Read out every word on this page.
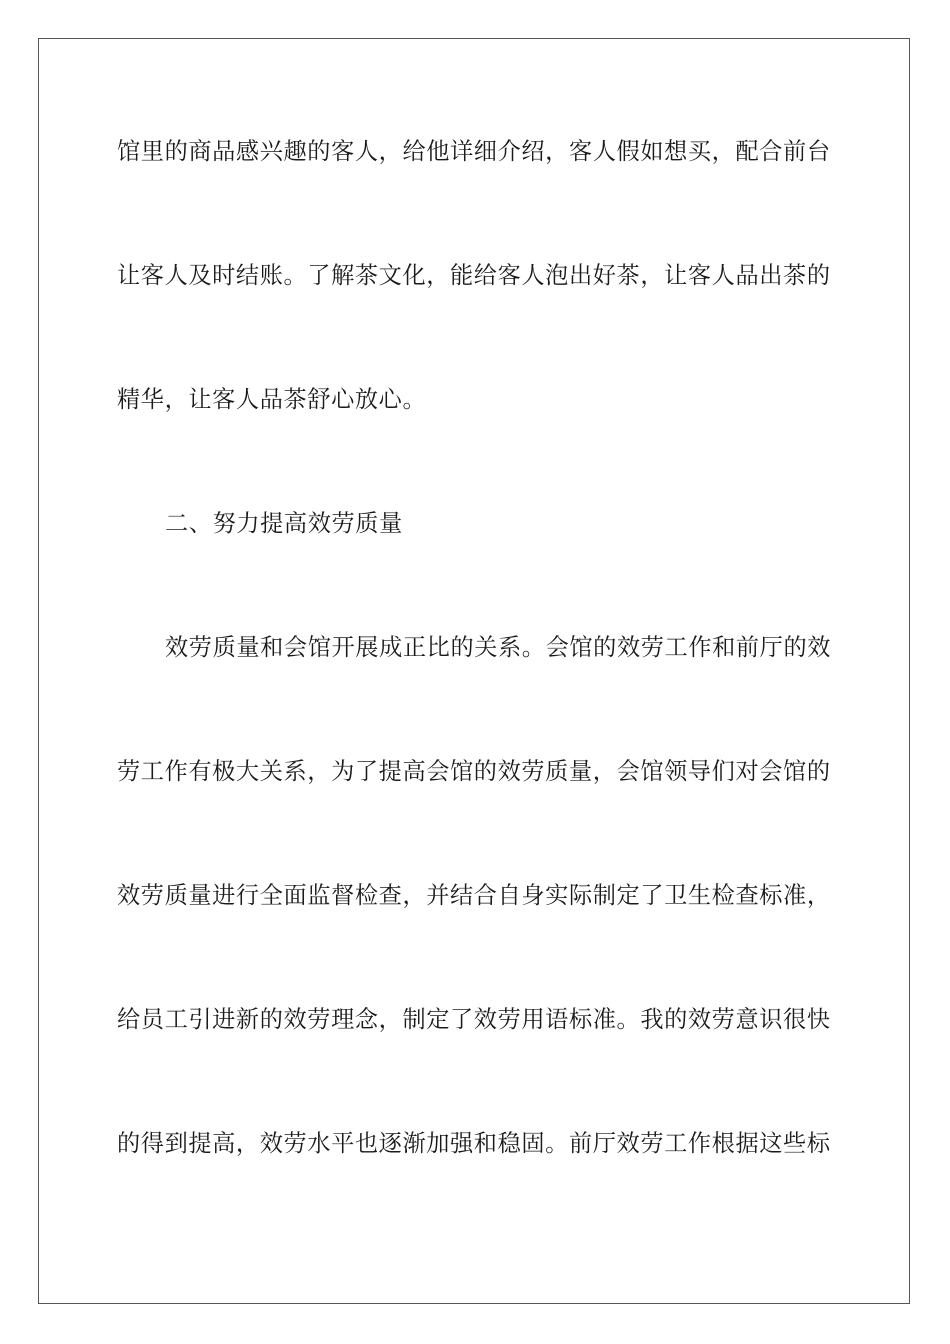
馆里的商品感兴趣的客人，给他详细介绍，客人假如想买，配合前台
让客人及时结账。了解茶文化，能给客人泡出好茶，让客人品出茶的
精华，让客人品茶舒心放心。
二、努力提高效劳质量
效劳质量和会馆开展成正比的关系。会馆的效劳工作和前厅的效
劳工作有极大关系，为了提高会馆的效劳质量，会馆领导们对会馆的
效劳质量进行全面监督检查，并结合自身实际制定了卫生检查标准，
给员工引进新的效劳理念，制定了效劳用语标准。我的效劳意识很快
的得到提高，效劳水平也逐渐加强和稳固。前厅效劳工作根据这些标
